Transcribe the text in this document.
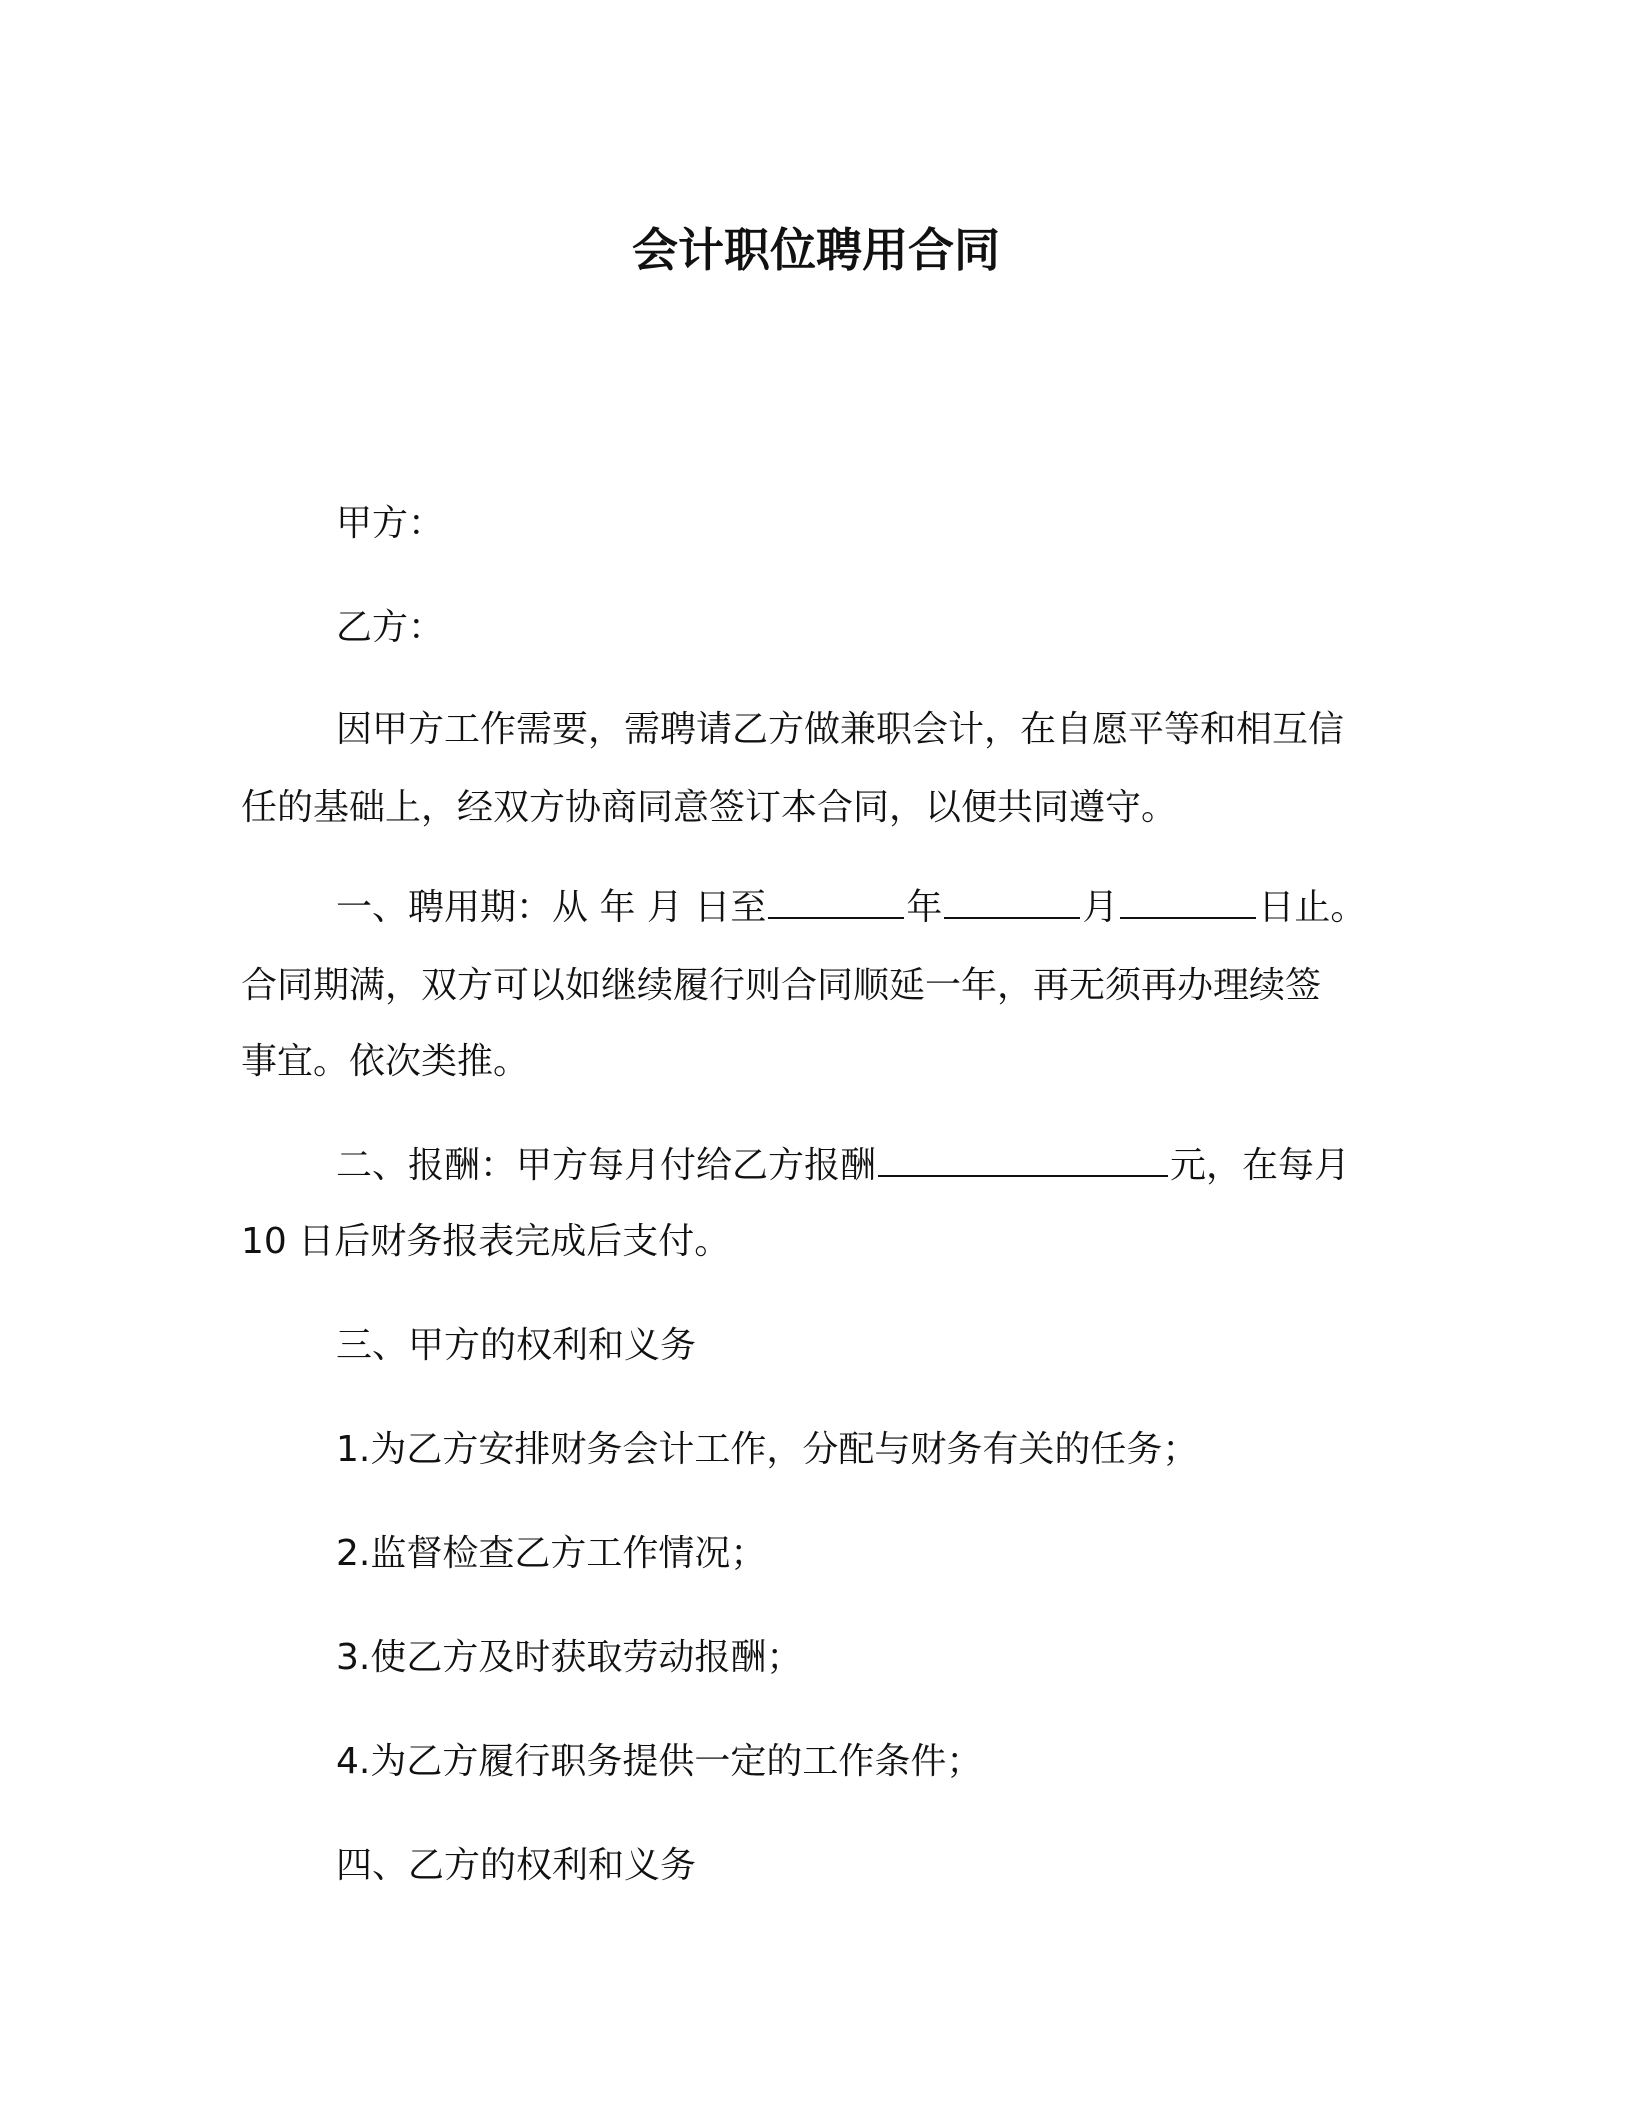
会计职位聘用合同
甲方：
乙方：
因甲方工作需要，需聘请乙方做兼职会计，在自愿平等和相互信
任的基础上，经双方协商同意签订本合同，以便共同遵守。
一、聘用期：从 年 月 日至	年	月	日止。
合同期满，双方可以如继续履行则合同顺延一年，再无须再办理续签
事宜。依次类推。
二、报酬：甲方每月付给乙方报酬	元，在每月
10 日后财务报表完成后支付。
三、甲方的权利和义务
1.为乙方安排财务会计工作，分配与财务有关的任务；
2.监督检查乙方工作情况；
3.使乙方及时获取劳动报酬；
4.为乙方履行职务提供一定的工作条件；
四、乙方的权利和义务
